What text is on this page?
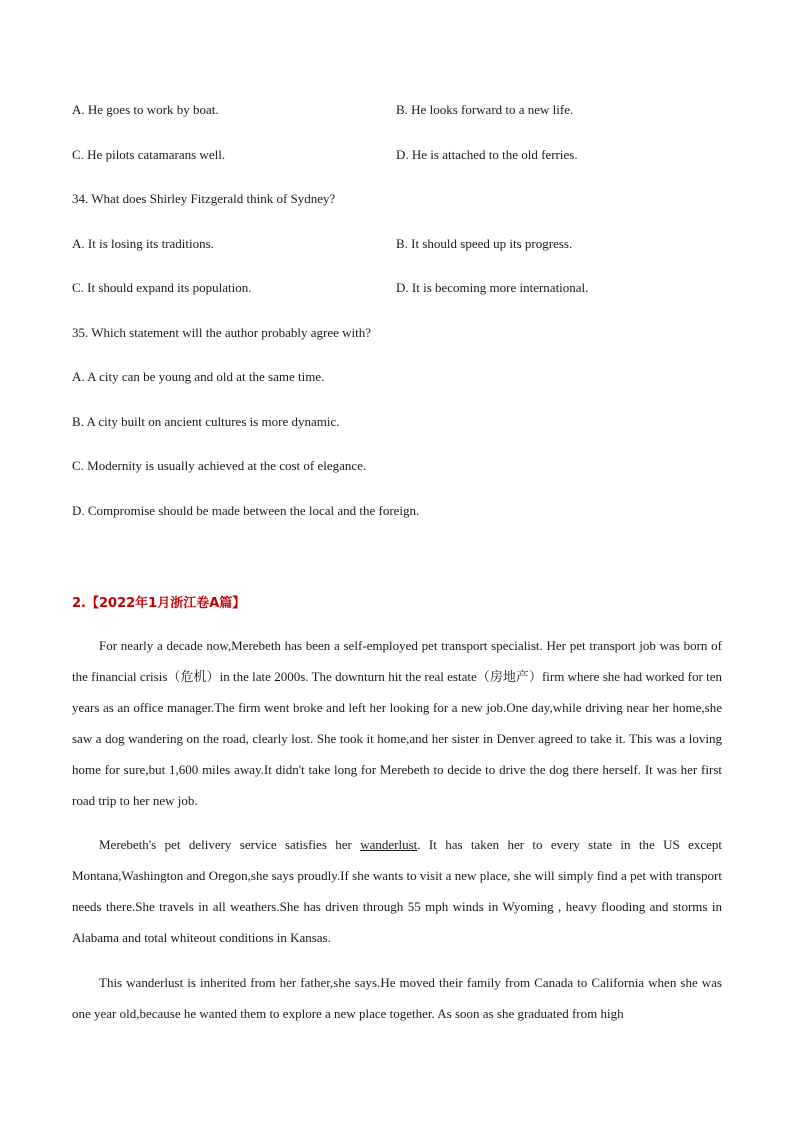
A. He goes to work by boat.	B. He looks forward to a new life.
C. He pilots catamarans well.	D. He is attached to the old ferries.
34. What does Shirley Fitzgerald think of Sydney?
A. It is losing its traditions.	B. It should speed up its progress.
C. It should expand its population.	D. It is becoming more international.
35. Which statement will the author probably agree with?
A. A city can be young and old at the same time.
B. A city built on ancient cultures is more dynamic.
C. Modernity is usually achieved at the cost of elegance.
D. Compromise should be made between the local and the foreign.
2.【2022年1月浙江卷A篇】
For nearly a decade now,Merebeth has been a self-employed pet transport specialist. Her pet transport job was born of the financial crisis（危机）in the late 2000s. The downturn hit the real estate（房地产）firm where she had worked for ten years as an office manager.The firm went broke and left her looking for a new job.One day,while driving near her home,she saw a dog wandering on the road, clearly lost. She took it home,and her sister in Denver agreed to take it. This was a loving home for sure,but 1,600 miles away.It didn't take long for Merebeth to decide to drive the dog there herself. It was her first road trip to her new job.
Merebeth's pet delivery service satisfies her wanderlust. It has taken her to every state in the US except Montana,Washington and Oregon,she says proudly.If she wants to visit a new place, she will simply find a pet with transport needs there.She travels in all weathers.She has driven through 55 mph winds in Wyoming , heavy flooding and storms in Alabama and total whiteout conditions in Kansas.
This wanderlust is inherited from her father,she says.He moved their family from Canada to California when she was one year old,because he wanted them to explore a new place together. As soon as she graduated from high
